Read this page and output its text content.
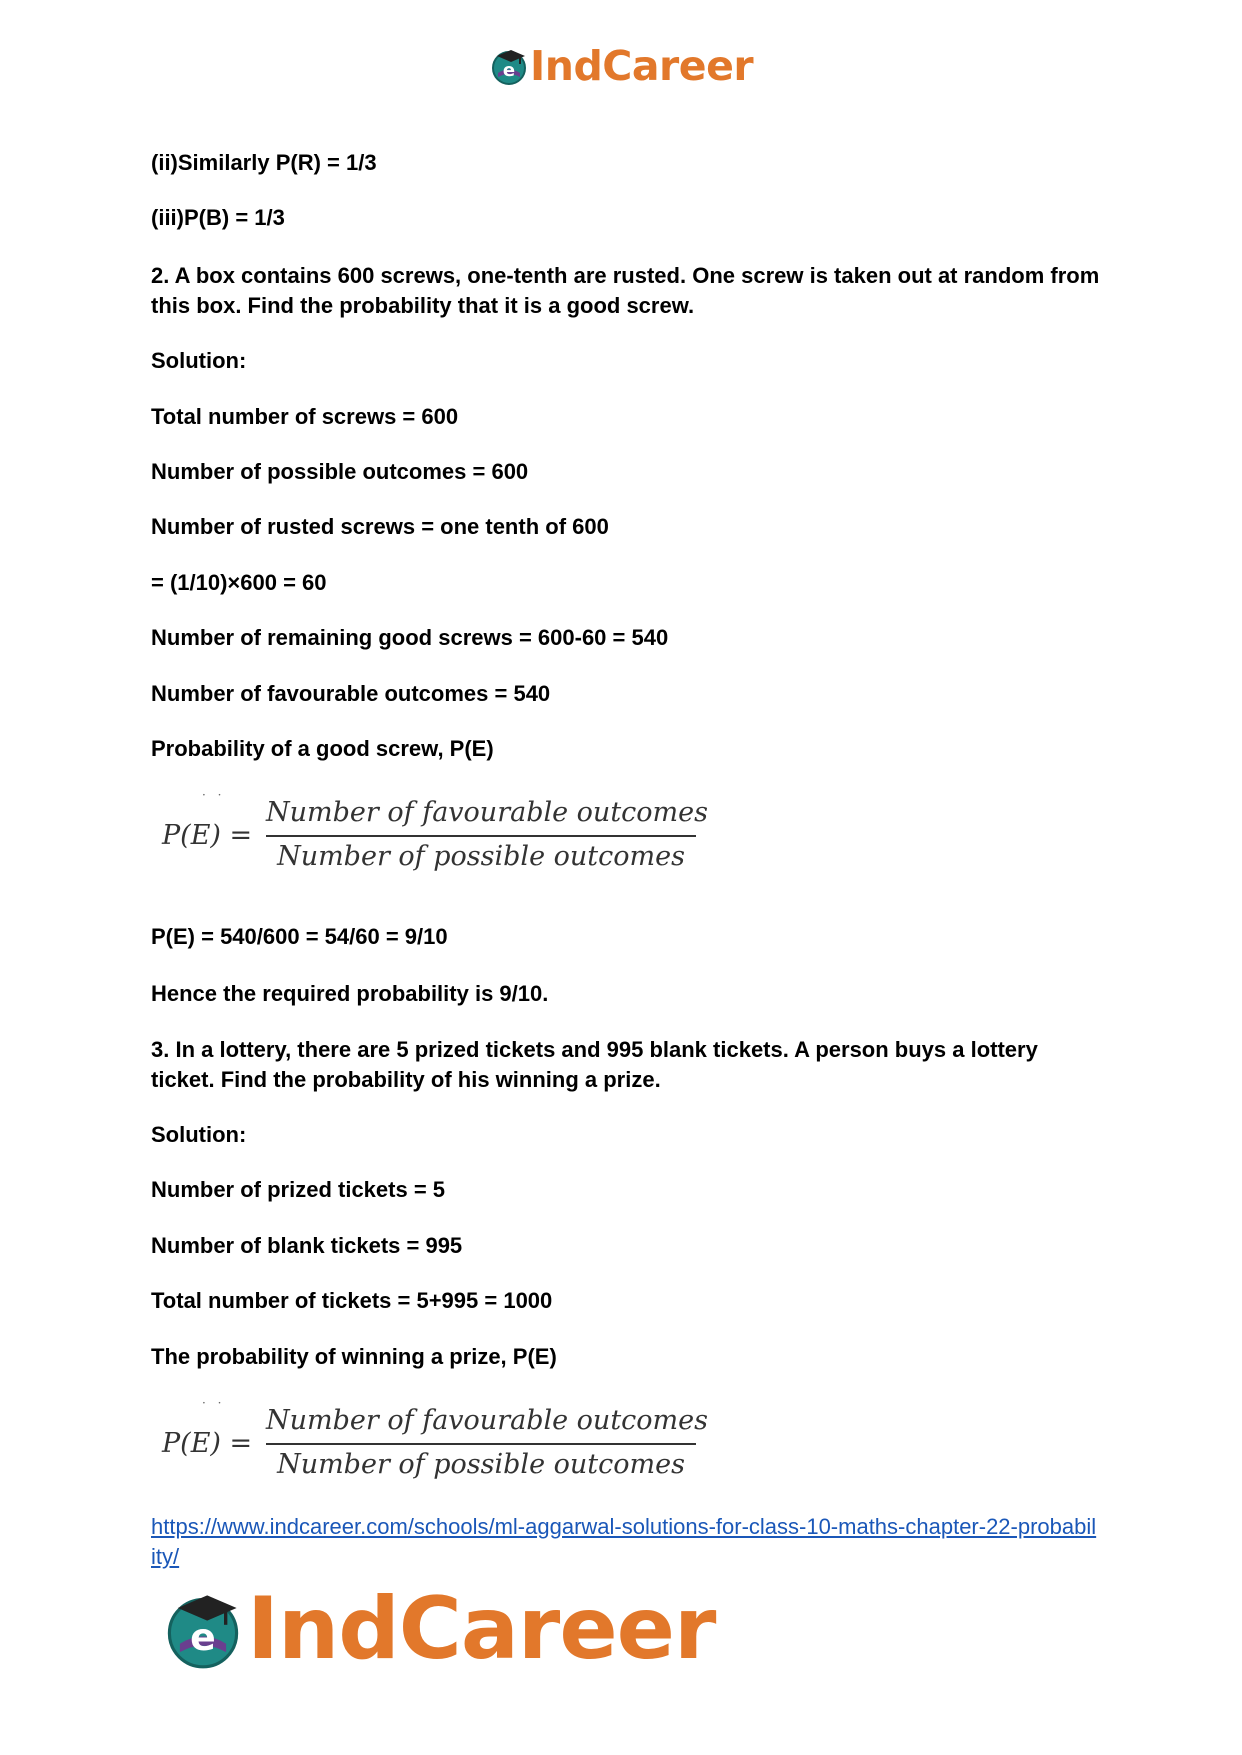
e IndCareer
(ii)Similarly P(R) = 1/3
(iii)P(B) = 1/3
2. A box contains 600 screws, one-tenth are rusted. One screw is taken out at random from this box. Find the probability that it is a good screw.
Solution:
Total number of screws = 600
Number of possible outcomes = 600
Number of rusted screws = one tenth of 600
= (1/10)×600 = 60
Number of remaining good screws = 600-60 = 540
Number of favourable outcomes = 540
Probability of a good screw, P(E)
· ·
P(E) =
Number of favourable outcomes
Number of possible outcomes
P(E) = 540/600 = 54/60 = 9/10
Hence the required probability is 9/10.
3. In a lottery, there are 5 prized tickets and 995 blank tickets. A person buys a lottery ticket. Find the probability of his winning a prize.
Solution:
Number of prized tickets = 5
Number of blank tickets = 995
Total number of tickets = 5+995 = 1000
The probability of winning a prize, P(E)
· ·
P(E) =
Number of favourable outcomes
Number of possible outcomes
https://www.indcareer.com/schools/ml-aggarwal-solutions-for-class-10-maths-chapter-22-probability/
e IndCareer
